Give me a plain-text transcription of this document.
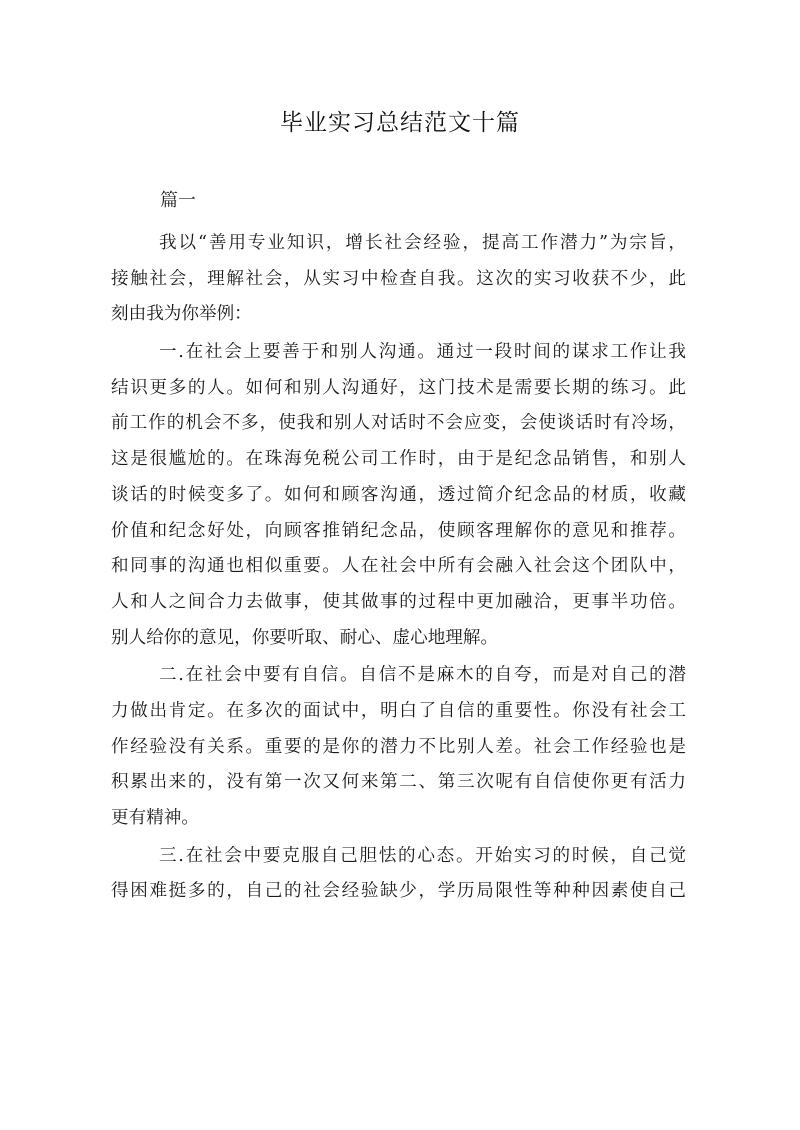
毕业实习总结范文十篇
篇一
我以“善用专业知识，增长社会经验，提高工作潜力”为宗旨，
接触社会，理解社会，从实习中检查自我。这次的实习收获不少，此
刻由我为你举例：
一.在社会上要善于和别人沟通。通过一段时间的谋求工作让我
结识更多的人。如何和别人沟通好，这门技术是需要长期的练习。此
前工作的机会不多，使我和别人对话时不会应变，会使谈话时有冷场，
这是很尴尬的。在珠海免税公司工作时，由于是纪念品销售，和别人
谈话的时候变多了。如何和顾客沟通，透过简介纪念品的材质，收藏
价值和纪念好处，向顾客推销纪念品，使顾客理解你的意见和推荐。
和同事的沟通也相似重要。人在社会中所有会融入社会这个团队中，
人和人之间合力去做事，使其做事的过程中更加融洽，更事半功倍。
别人给你的意见，你要听取、耐心、虚心地理解。
二.在社会中要有自信。自信不是麻木的自夸，而是对自己的潜
力做出肯定。在多次的面试中，明白了自信的重要性。你没有社会工
作经验没有关系。重要的是你的潜力不比别人差。社会工作经验也是
积累出来的，没有第一次又何来第二、第三次呢有自信使你更有活力
更有精神。
三.在社会中要克服自己胆怯的心态。开始实习的时候，自己觉
得困难挺多的，自己的社会经验缺少，学历局限性等种种因素使自己
